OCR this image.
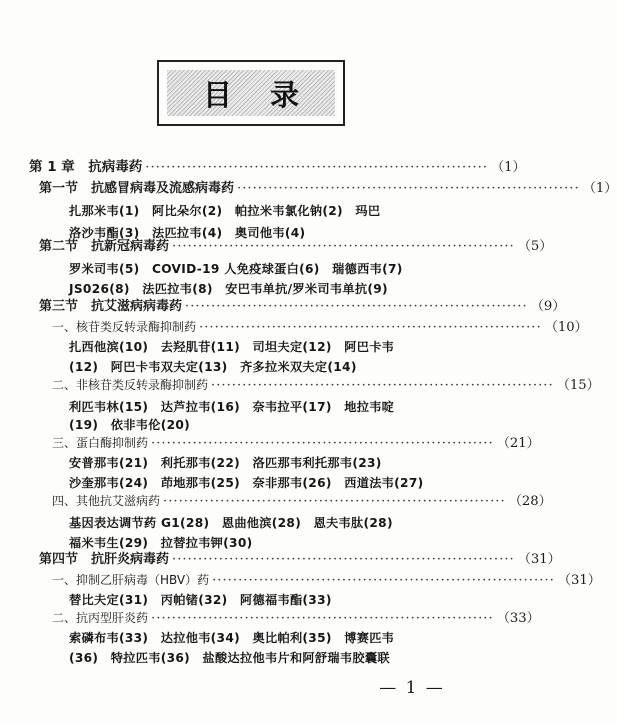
目 录
第 1 章　抗病毒药 ·································································· （1）
第一节　抗感冒病毒及流感病毒药 ·································································· （1）
扎那米韦(1)　阿比朵尔(2)　帕拉米韦氯化钠(2)　玛巴
洛沙韦酯(3)　法匹拉韦(4)　奥司他韦(4)
第二节　抗新冠病毒药 ·································································· （5）
罗米司韦(5)　COVID-19 人免疫球蛋白(6)　瑞德西韦(7)
JS026(8)　法匹拉韦(8)　安巴韦单抗/罗米司韦单抗(9)
第三节　抗艾滋病病毒药 ·································································· （9）
一、核苷类反转录酶抑制药 ·································································· （10）
扎西他滨(10)　去羟肌苷(11)　司坦夫定(12)　阿巴卡韦
(12)　阿巴卡韦双夫定(13)　齐多拉米双夫定(14)
二、非核苷类反转录酶抑制药 ·································································· （15）
利匹韦林(15)　达芦拉韦(16)　奈韦拉平(17)　地拉韦啶
(19)　依非韦伦(20)
三、蛋白酶抑制药 ·································································· （21）
安普那韦(21)　利托那韦(22)　洛匹那韦利托那韦(23)
沙奎那韦(24)　茚地那韦(25)　奈非那韦(26)　西道法韦(27)
四、其他抗艾滋病药 ·································································· （28）
基因表达调节药 G1(28)　恩曲他滨(28)　恩夫韦肽(28)
福米韦生(29)　拉替拉韦钾(30)
第四节　抗肝炎病毒药 ·································································· （31）
一、抑制乙肝病毒（HBV）药 ·································································· （31）
替比夫定(31)　丙帕锗(32)　阿德福韦酯(33)
二、抗丙型肝炎药 ·································································· （33）
索磷布韦(33)　达拉他韦(34)　奥比帕利(35)　博赛匹韦
(36)　特拉匹韦(36)　盐酸达拉他韦片和阿舒瑞韦胶囊联
— 1 —
